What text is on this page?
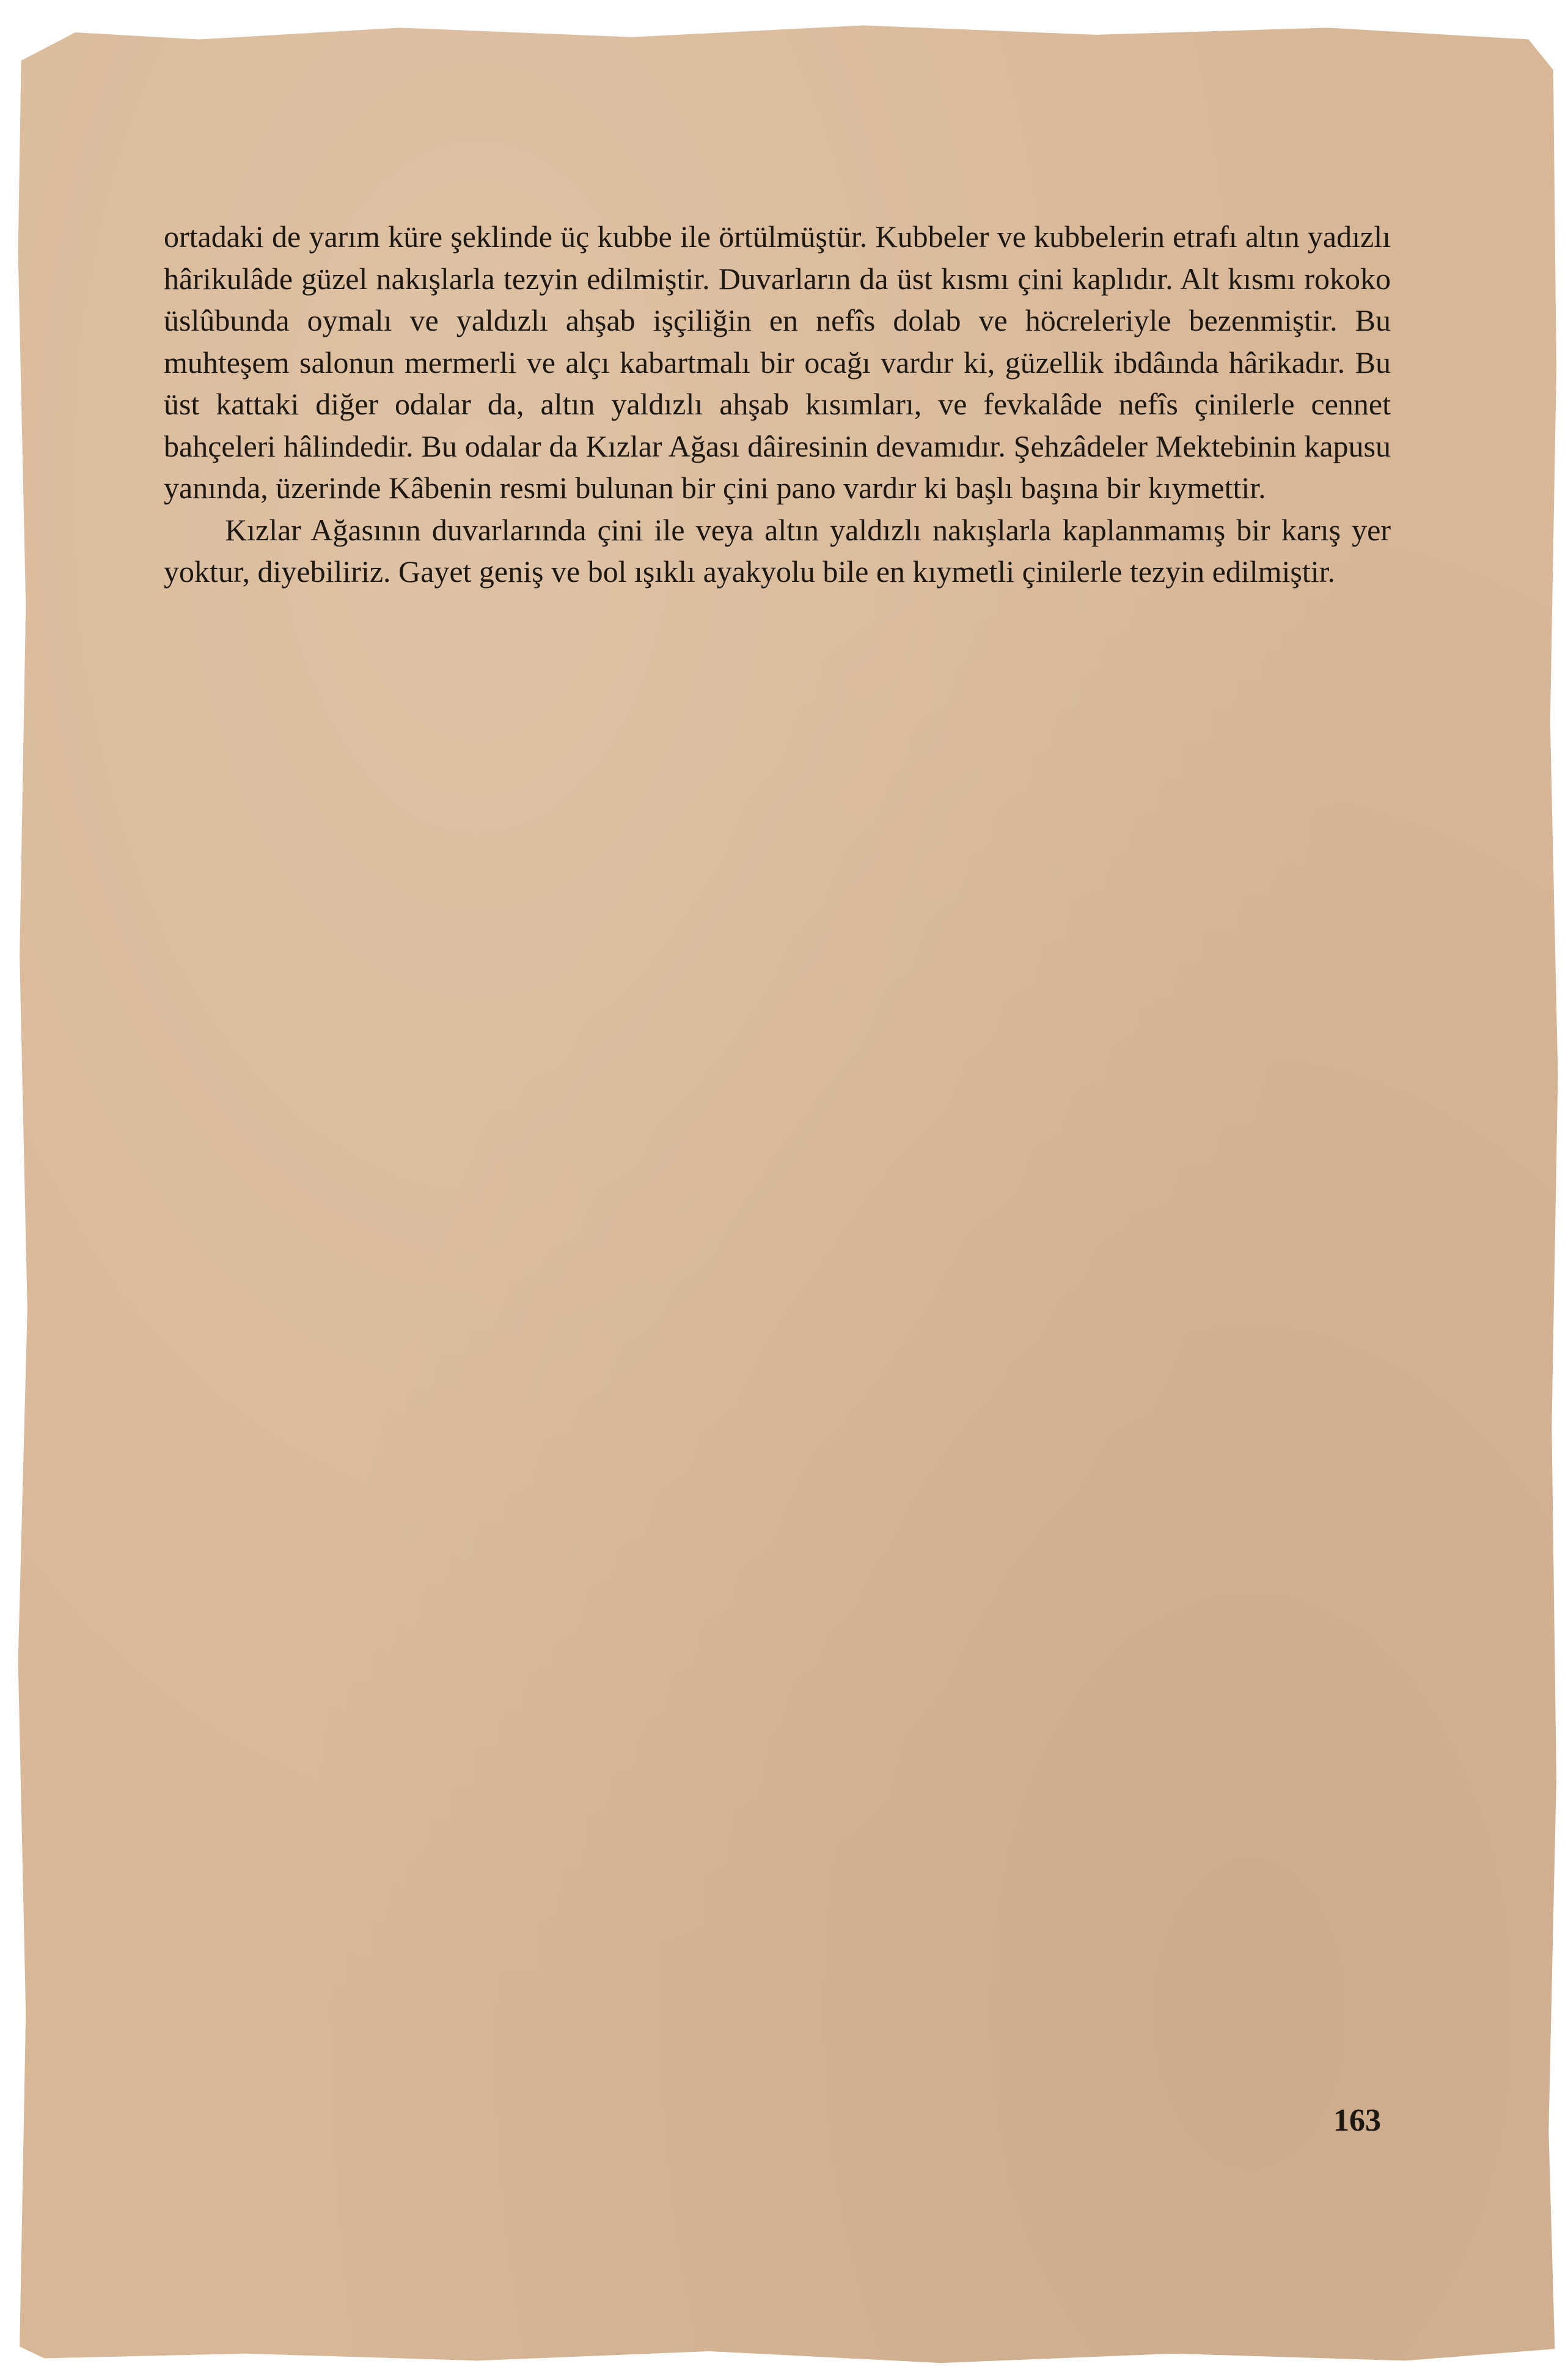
ortadaki de yarım küre şeklinde üç kubbe ile örtülmüştür. Kubbeler ve kubbelerin etrafı altın yadızlı hârikulâde güzel nakışlarla tezyin edilmiştir. Duvarların da üst kısmı çini kaplıdır. Alt kısmı rokoko üslûbunda oymalı ve yaldızlı ahşab işçiliğin en nefîs dolab ve höcreleriyle bezenmiştir. Bu muhteşem salonun mermerli ve alçı kabartmalı bir ocağı vardır ki, güzellik ibdâında hârikadır. Bu üst kattaki diğer odalar da, altın yaldızlı ahşab kısımları, ve fevkalâde nefîs çinilerle cennet bahçeleri hâlindedir. Bu odalar da Kızlar Ağası dâiresinin devamıdır. Şehzâdeler Mektebinin kapusu yanında, üzerinde Kâbenin resmi bulunan bir çini pano vardır ki başlı başına bir kıymettir.

Kızlar Ağasının duvarlarında çini ile veya altın yaldızlı nakışlarla kaplanmamış bir karış yer yoktur, diyebiliriz. Gayet geniş ve bol ışıklı ayakyolu bile en kıymetli çinilerle tezyin edilmiştir.

163
